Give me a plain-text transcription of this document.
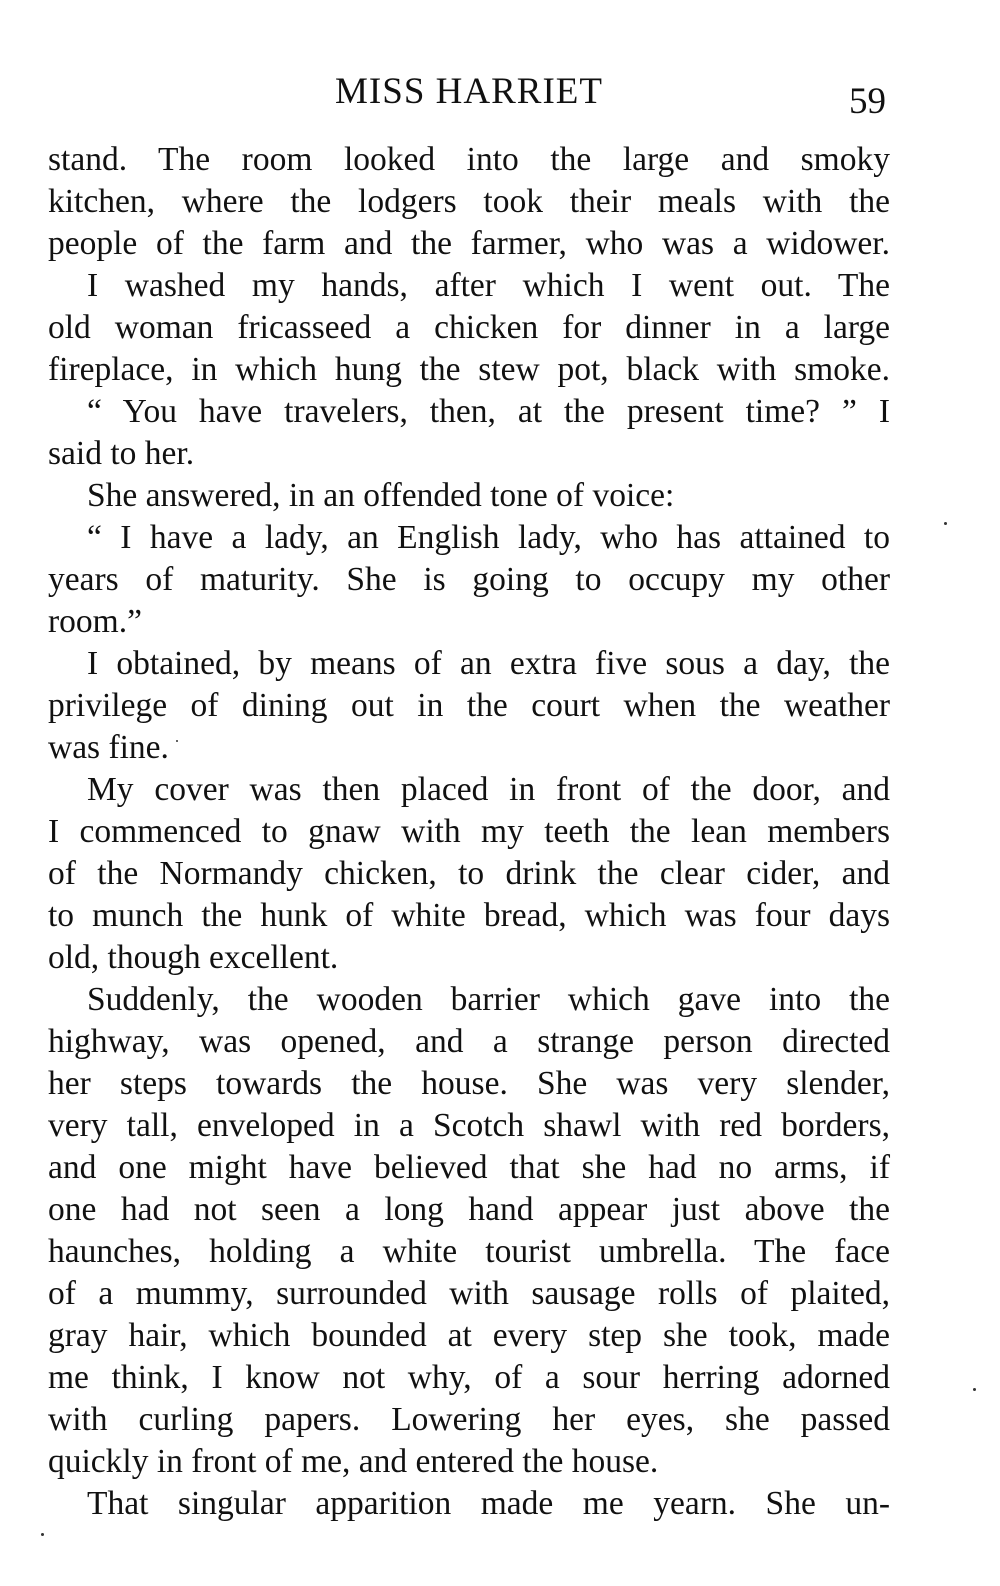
MISS HARRIET	59
stand. The room looked into the large and smoky
kitchen, where the lodgers took their meals with the
people of the farm and the farmer, who was a widower.
I washed my hands, after which I went out. The
old woman fricasseed a chicken for dinner in a large
fireplace, in which hung the stew pot, black with smoke.
“ You have travelers, then, at the present time? ” I
said to her.
She answered, in an offended tone of voice:
“ I have a lady, an English lady, who has attained to
years of maturity. She is going to occupy my other
room.”
I obtained, by means of an extra five sous a day, the
privilege of dining out in the court when the weather
was fine.
My cover was then placed in front of the door, and
I commenced to gnaw with my teeth the lean members
of the Normandy chicken, to drink the clear cider, and
to munch the hunk of white bread, which was four days
old, though excellent.
Suddenly, the wooden barrier which gave into the
highway, was opened, and a strange person directed
her steps towards the house. She was very slender,
very tall, enveloped in a Scotch shawl with red borders,
and one might have believed that she had no arms, if
one had not seen a long hand appear just above the
haunches, holding a white tourist umbrella. The face
of a mummy, surrounded with sausage rolls of plaited,
gray hair, which bounded at every step she took, made
me think, I know not why, of a sour herring adorned
with curling papers. Lowering her eyes, she passed
quickly in front of me, and entered the house.
That singular apparition made me yearn. She un-
